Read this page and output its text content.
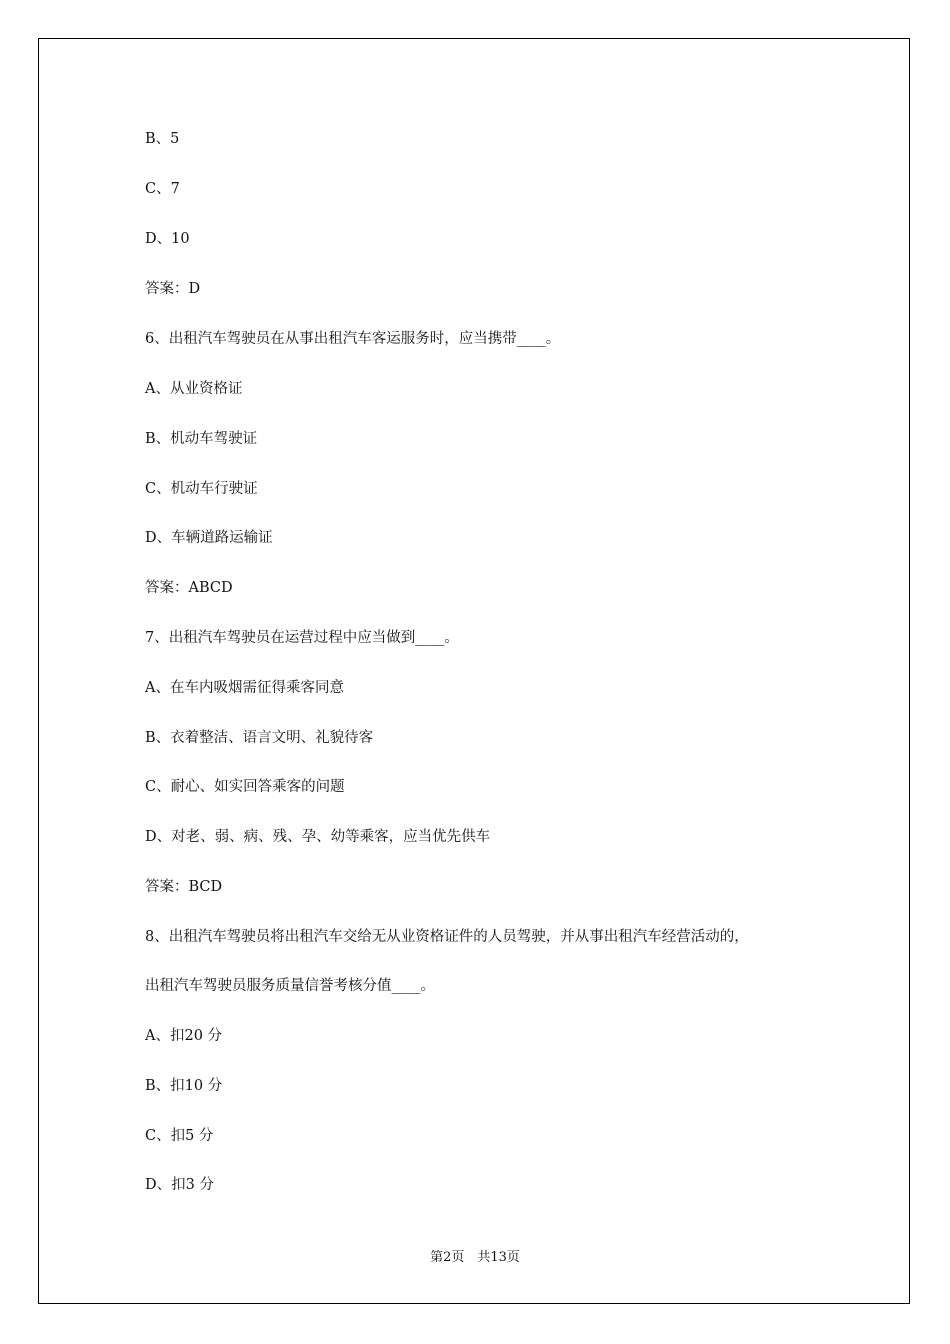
B、5
C、7
D、10
答案：D
6、出租汽车驾驶员在从事出租汽车客运服务时，应当携带____。
A、从业资格证
B、机动车驾驶证
C、机动车行驶证
D、车辆道路运输证
答案：ABCD
7、出租汽车驾驶员在运营过程中应当做到____。
A、在车内吸烟需征得乘客同意
B、衣着整洁、语言文明、礼貌待客
C、耐心、如实回答乘客的问题
D、对老、弱、病、残、孕、幼等乘客，应当优先供车
答案：BCD
8、出租汽车驾驶员将出租汽车交给无从业资格证件的人员驾驶，并从事出租汽车经营活动的，
出租汽车驾驶员服务质量信誉考核分值____。
A、扣20 分
B、扣10 分
C、扣5 分
D、扣3 分
第2页　共13页
